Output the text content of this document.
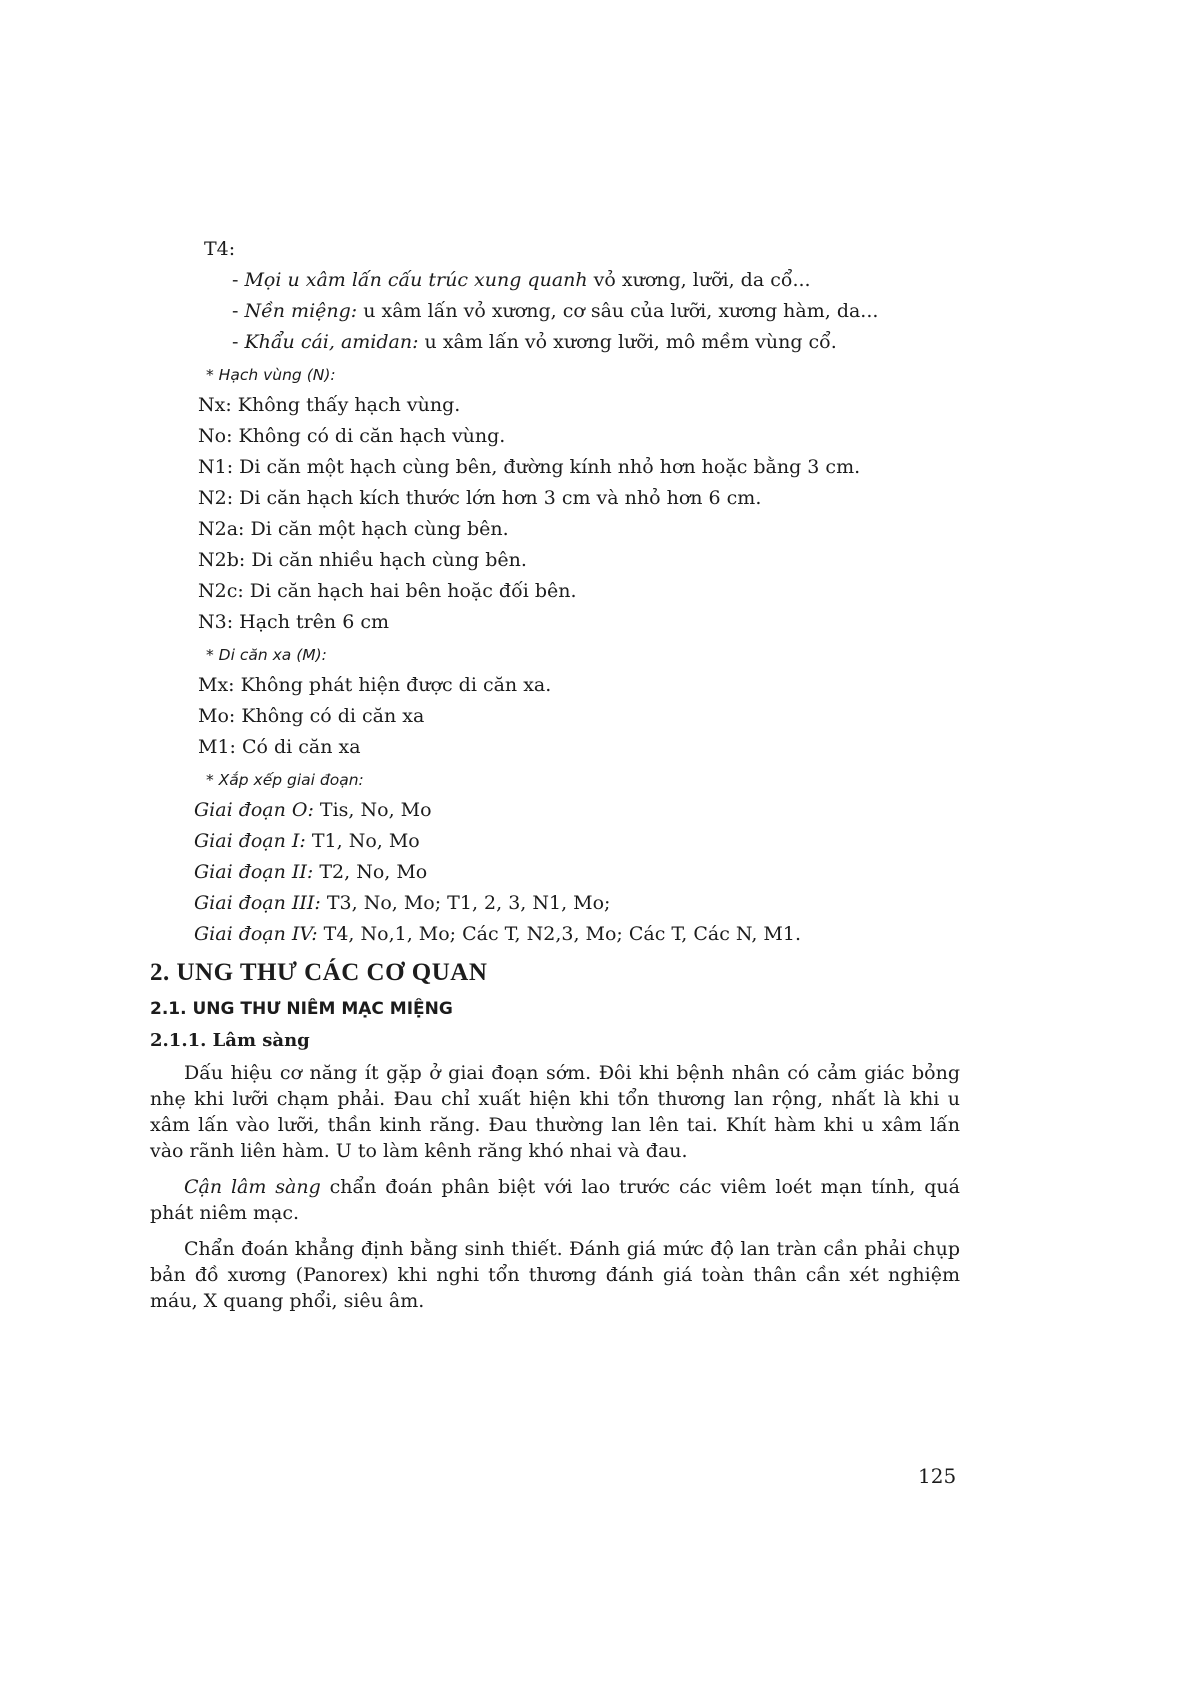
T4:
- Mọi u xâm lấn cấu trúc xung quanh vỏ xương, lưỡi, da cổ...
- Nền miệng: u xâm lấn vỏ xương, cơ sâu của lưỡi, xương hàm, da...
- Khẩu cái, amidan: u xâm lấn vỏ xương lưỡi, mô mềm vùng cổ.
* Hạch vùng (N):
Nx: Không thấy hạch vùng.
No: Không có di căn hạch vùng.
N1: Di căn một hạch cùng bên, đường kính nhỏ hơn hoặc bằng 3 cm.
N2: Di căn hạch kích thước lớn hơn 3 cm và nhỏ hơn 6 cm.
N2a: Di căn một hạch cùng bên.
N2b: Di căn nhiều hạch cùng bên.
N2c: Di căn hạch hai bên hoặc đối bên.
N3: Hạch trên 6 cm
* Di căn xa (M):
Mx: Không phát hiện được di căn xa.
Mo: Không có di căn xa
M1: Có di căn xa
* Xắp xếp giai đoạn:
Giai đoạn O: Tis, No, Mo
Giai đoạn I: T1, No, Mo
Giai đoạn II: T2, No, Mo
Giai đoạn III: T3, No, Mo; T1, 2, 3, N1, Mo;
Giai đoạn IV: T4, No,1, Mo; Các T, N2,3, Mo; Các T, Các N, M1.
2. UNG THƯ CÁC CƠ QUAN
2.1. UNG THƯ NIÊM MẠC MIỆNG
2.1.1. Lâm sàng

Dấu hiệu cơ năng ít gặp ở giai đoạn sớm. Đôi khi bệnh nhân có cảm giác bỏng nhẹ khi lưỡi chạm phải. Đau chỉ xuất hiện khi tổn thương lan rộng, nhất là khi u xâm lấn vào lưỡi, thần kinh răng. Đau thường lan lên tai. Khít hàm khi u xâm lấn vào rãnh liên hàm. U to làm kênh răng khó nhai và đau.

Cận lâm sàng chẩn đoán phân biệt với lao trước các viêm loét mạn tính, quá phát niêm mạc.

Chẩn đoán khẳng định bằng sinh thiết. Đánh giá mức độ lan tràn cần phải chụp bản đồ xương (Panorex) khi nghi tổn thương đánh giá toàn thân cần xét nghiệm máu, X quang phổi, siêu âm.

125
